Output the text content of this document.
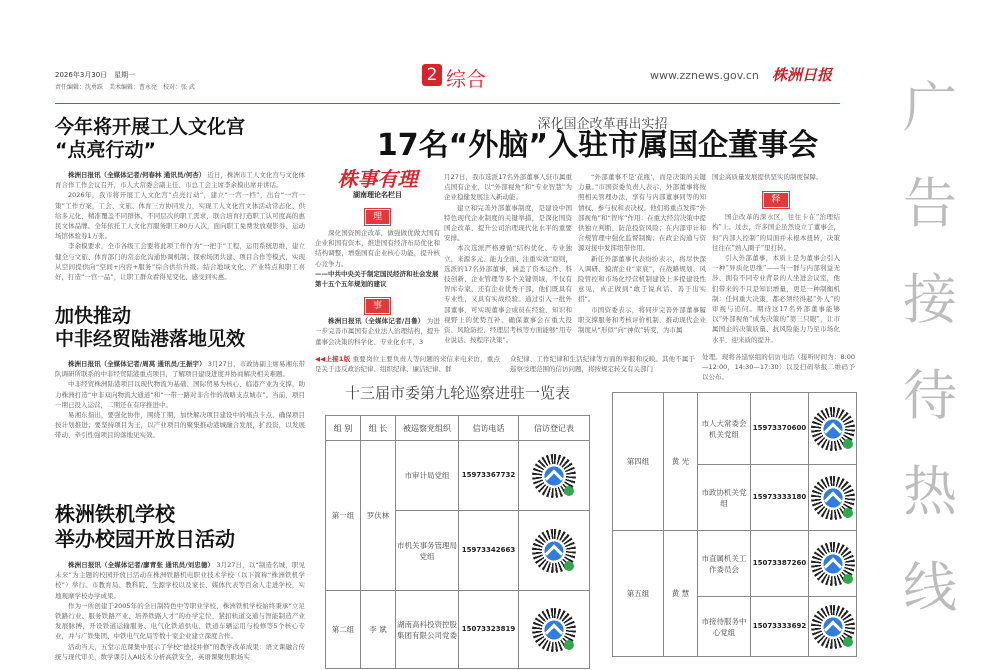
2026年3月30日　星期一
责任编辑：沈勇跃　美术编辑：曹永亮　校对：张 武
2 综合	www.zznews.gov.cn 株洲日报
今年将开展工人文化宫
“点亮行动”

株洲日报讯（全媒体记者/何春林 通讯员/何杏） 近日，株洲市工人文化宫与文化体育合作工作会议召开，市人大常委会副主任、市总工会主席李余模出席并讲话。

2026年，我市将开展工人文化宫“点亮行动”，建立“一宫一档”，出台“一宫一策”工作方案，工会、文旅、体育三方协同发力，实现工人文化宫文体活动常态化、供给多元化，精准覆盖不同群体、不同层次的职工需求，联合培育打造职工认可度高的惠民文体品牌。全年依托工人文化宫服务职工80万人次，面向职工免费发放观影券、运动场馆体验券1万张。

李余模要求，全市各级工会要将此项工作作为“一把手”工程，运用系统思维，建立健全与文旅、体育部门的常态化沟通协调机制；探索场团共建、项目合作等模式，实现从空间提供向“空间+内容+服务”综合供给升级；结合地域文化、产业特点和职工喜好，打造“一宫一品”，让职工群众看得见变化、感受到实惠。

加快推动
中非经贸陆港落地见效

株洲日报讯（全媒体记者/周莴 通讯员/王振宇） 3月27日，市政协副主席易湘东带队调研所联系的中非经贸陆港重点项目，了解项目建设进度并协商解决相关难题。

中非经贸株洲陆港项目以现代物流为基础、国际贸易为核心、临港产业为支撑，助力株洲打造“中非双向物流大通道”和“一带一路对非合作的战略支点城市”。当前，项目一期已投入运营，二期还在有序推进中。

易湘东指出，要强化协作，围绕工期，加快解决项目建设中的堵点卡点，确保项目按计划推进；要坚持项目为王，以产业项目的聚集推动港城融合发展，扩投资，以发展带动、牵引性强项目的落地见实效。

株洲铁机学校
举办校园开放日活动

株洲日报讯（全媒体记者/廖青张 通讯员/刘忠德） 3月27日，以“制造名城，职见未来”为主题的校园开放日活动在株洲铁路机电职业技术学校（以下简称“株洲铁机学校”）举行。市教育局、教科院、生源学校以及家长、媒体代表等百余人走进学校，实地观摩学校办学成果。

作为一所创建于2005年的全日制特色中等职业学校，株洲铁机学校始终秉承“立足铁路行业、服务铁路产业、培养铁路人才”的办学定位，紧扣轨道交通与智能制造产业发展脉搏，开设铁道运输服务、电气化铁道供电、铁道车辆运用与检修等5个核心专业，并与广铁集团、中铁电气化局等数十家企业建立深度合作。

活动当天，五堂示范课集中展示了学校“德技并修”的教学改革成果：语文课融合传统与现代审美，数学课引入AI技术分析高铁安全，英语课聚焦职场实

深化国企改革再出实招
17名“外脑”入驻市属国企董事会
株事有理
湖南理论名栏目
理

深化国资国企改革，做强做优做大国有企业和国有资本，推进国有经济布局优化和结构调整，增强国有企业核心功能，提升核心竞争力。

——中共中央关于制定国民经济和社会发展第十五个五年规划的建议
事

株洲日报讯（全媒体记者/吕鲁） 为进一步完善市属国有企业法人治理结构，提升董事会决策的科学化、专业化水平，3

月27日，我市选派17名外部董事人驻市属重点国有企业，以“外部视角”和“专业智慧”为企业稳健发展注入新动能。

建立和完善外部董事制度，是建设中国特色现代企业制度的关键举措，是深化国资国企改革、提升公司治理现代化水平的重要安排。

本次选派严格遵循“结构优化、专业独立、来源多元、能力全面、注重实效”原则，选派的17名外部董事，涵盖了资本运作、科技创新、企业管理等多个关键领域，不仅有智库专家，还有企业优秀干部，他们既具有专业性，又具有实战经验。通过引入一批外部董事，可实现董事会成员在经验、知识和视野上的优势互补，确保董事会在重大投资、风险防控、经理层考核等方面能够“用专业说话、按程序决策”。

“外部董事不是‘花瓶’，而是决策的关键力量。”市国资委负责人表示，外部董事将按照相关管理办法，享有与内部董事同等的知情权、参与权和表决权。他们将重点发挥“外部视角”和“智库”作用：在重大经营决策中提供独立判断，防范投资风险；在内部审计和合规管理中强化监督制衡；在政企沟通与资源对接中发挥纽带作用。

新任外部董事代表纷纷表示，将尽快深入调研、摸清企业“家底”，在战略规划、风险管控和市场化经营机制建设上多提建设性意见，真正做到“敢于说真话、善于出实招”。

市国资委表示，将同步完善外部董事履职支撑服务和考核评价机制，推动现代企业制度从“形似”向“神似”转变，为市属

国企高质量发展提供坚实的制度保障。
释

国企改革的深水区，往往卡在“治理结构”上。过去，许多国企虽然设立了董事会，但“内部人控制”的局面并未根本扭转，决策往往在“熟人圈子”里打转。

引入外部董事，本质上是为董事会引入一种“异质化思维”——当一群与内部利益无涉、拥有不同专业背景的人坐进会议室，他们带来的不只是知识增量，更是一种制衡机制：任何重大决策，都必须经得起“外人”的审视与追问。期待这17名外部董事能够以“外部视角”成为决策的“第三只眼”，让市属国企的决策质量、抗风险能力乃至市场化水平，迎来质的提升。

◀◀上接1版 重要岗位主要负责人等问题的来信来电来访，重点是关于违反政治纪律、组织纪律、廉洁纪律、群
众纪律、工作纪律和生活纪律等方面的举报和反映。其他不属于巡察受理范围的信访问题，将按规定转交有关部门
处理。现将各巡察组的信访电话（接听时间为：8:00—12:00，14:30—17:30）以及扫码举报二维码予以公布。
十三届市委第九轮巡察进驻一览表
组 别	组 长	被巡察党组织	信访电话	信访登记表
第一组	罗伏林	市审计局党组	15973367732	

		市机关事务管理局党组	15973342663	

第二组	李 斌	湖南高科投资控股集团有限公司党委	15073323819	
第四组	黄 光	市人大常委会机关党组	15973370600	

		市政协机关党组	15973333180	

第五组	黄 慧	市直属机关工作委员会	15073387260	

		市接待服务中心党组	15073333692	
广
告
接
待
热
线
